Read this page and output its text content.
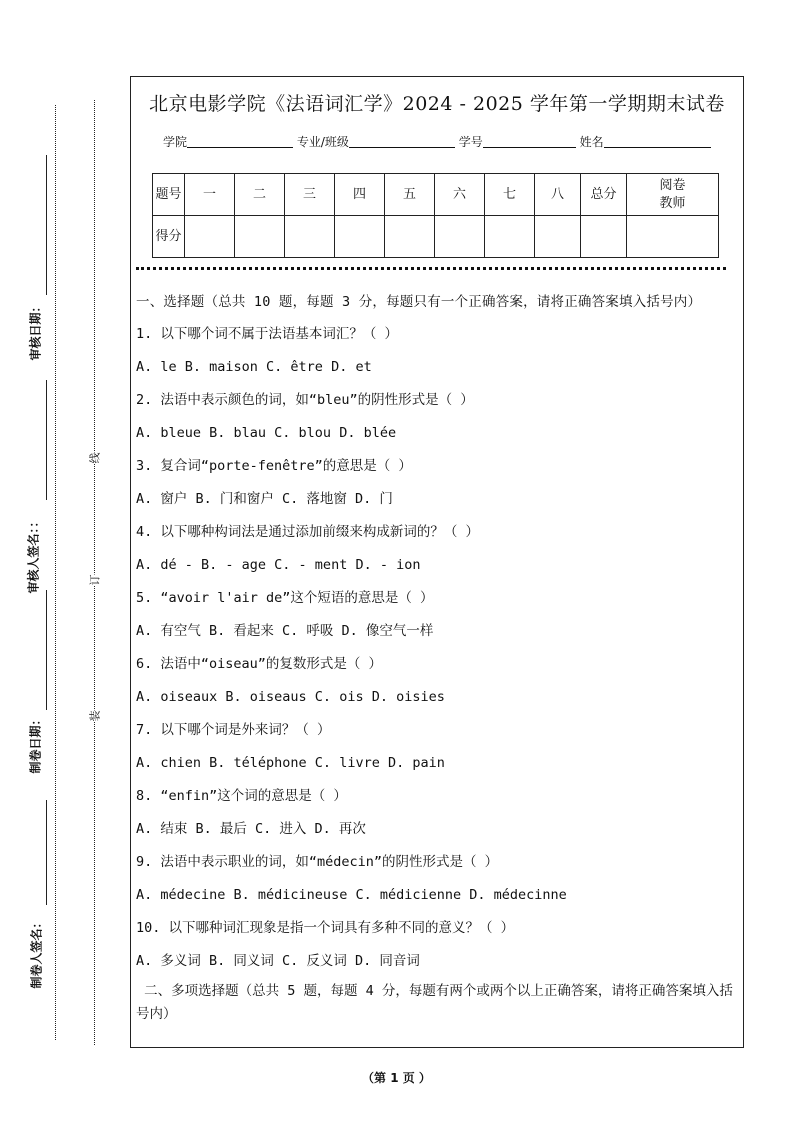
审核日期：
审核人签名：：
制卷日期：
制卷人签名：
线
订
装
北京电影学院《法语词汇学》2024 - 2025 学年第一学期期末试卷
学院	专业/班级	学号	姓名
题号	一	二	三	四	五	六	七	八	总分	阅卷教师
得分										

一、选择题（总共 10 题，每题 3 分，每题只有一个正确答案，请将正确答案填入括号内）

1. 以下哪个词不属于法语基本词汇？（ ）

A. le B. maison C. être D. et

2. 法语中表示颜色的词，如“bleu”的阴性形式是（ ）

A. bleue B. blau C. blou D. blée

3. 复合词“porte-fenêtre”的意思是（ ）

A. 窗户 B. 门和窗户 C. 落地窗 D. 门

4. 以下哪种构词法是通过添加前缀来构成新词的？（ ）

A. dé - B. - age C. - ment D. - ion

5. “avoir l'air de”这个短语的意思是（ ）

A. 有空气 B. 看起来 C. 呼吸 D. 像空气一样

6. 法语中“oiseau”的复数形式是（ ）

A. oiseaux B. oiseaus C. ois D. oisies

7. 以下哪个词是外来词？（ ）

A. chien B. téléphone C. livre D. pain

8. “enfin”这个词的意思是（ ）

A. 结束 B. 最后 C. 进入 D. 再次

9. 法语中表示职业的词，如“médecin”的阴性形式是（ ）

A. médecine B. médicineuse C. médicienne D. médecinne

10. 以下哪种词汇现象是指一个词具有多种不同的意义？（ ）

A. 多义词 B. 同义词 C. 反义词 D. 同音词

二、多项选择题（总共 5 题，每题 4 分，每题有两个或两个以上正确答案，请将正确答案填入括号内）

（第 1 页 ）
